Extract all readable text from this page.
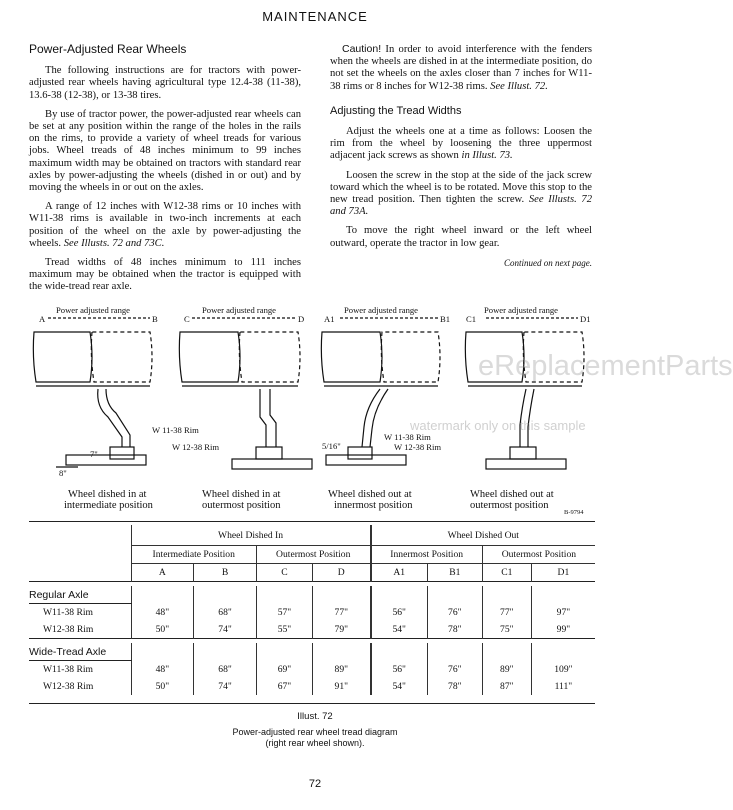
MAINTENANCE
Power-Adjusted Rear Wheels

The following instructions are for tractors with power-adjusted rear wheels having agricultural type 12.4-38 (11-38), 13.6-38 (12-38), or 13-38 tires.

By use of tractor power, the power-adjusted rear wheels can be set at any position within the range of the holes in the rails on the rims, to provide a variety of wheel treads for various jobs. Wheel treads of 48 inches minimum to 99 inches maximum width may be obtained on tractors with standard rear axles by power-adjusting the wheels (dished in or out) and by moving the wheels in or out on the axles.

A range of 12 inches with W12-38 rims or 10 inches with W11-38 rims is available in two-inch increments at each position of the wheel on the axle by power-adjusting the wheels. See Illusts. 72 and 73C.

Tread widths of 48 inches minimum to 111 inches maximum may be obtained when the tractor is equipped with the wide-tread rear axle.

Caution! In order to avoid interference with the fenders when the wheels are dished in at the intermediate position, do not set the wheels on the axles closer than 7 inches for W11-38 rims or 8 inches for W12-38 rims. See Illust. 72.

Adjusting the Tread Widths

Adjust the wheels one at a time as follows: Loosen the rim from the wheel by loosening the three uppermost adjacent jack screws as shown in Illust. 73.

Loosen the screw in the stop at the side of the jack screw toward which the wheel is to be rotated. Move this stop to the new tread position. Then tighten the screw. See Illusts. 72 and 73A.

To move the right wheel inward or the left wheel outward, operate the tractor in low gear.

Continued on next page.

Power adjusted range	Power adjusted range	Power adjusted range	Power adjusted range
A	B	C	D A1	B1 C1	D1
W 11-38 Rim
W 12-38 Rim
W 11-38 Rim
W 12-38 Rim
7"
8"
5/16"
Wheel dished in at
intermediate position
Wheel dished in at
outermost position
Wheel dished out at
innermost position
Wheel dished out at
outermost position
B-9794
eReplacementParts
watermark only on this sample

	Wheel Dished In				Wheel Dished Out			
	Intermediate Position		Outermost Position		Innermost Position		Outermost Position	
	A	B	C	D	A1	B1	C1	D1

Regular Axle								
W11-38 Rim	48"	68"	57"	77"	56"	76"	77"	97"
W12-38 Rim	50"	74"	55"	79"	54"	78"	75"	99"

Wide-Tread Axle								
W11-38 Rim	48"	68"	69"	89"	56"	76"	89"	109"
W12-38 Rim	50"	74"	67"	91"	54"	78"	87"	111"

Illust. 72
Power-adjusted rear wheel tread diagram
(right rear wheel shown).
72
